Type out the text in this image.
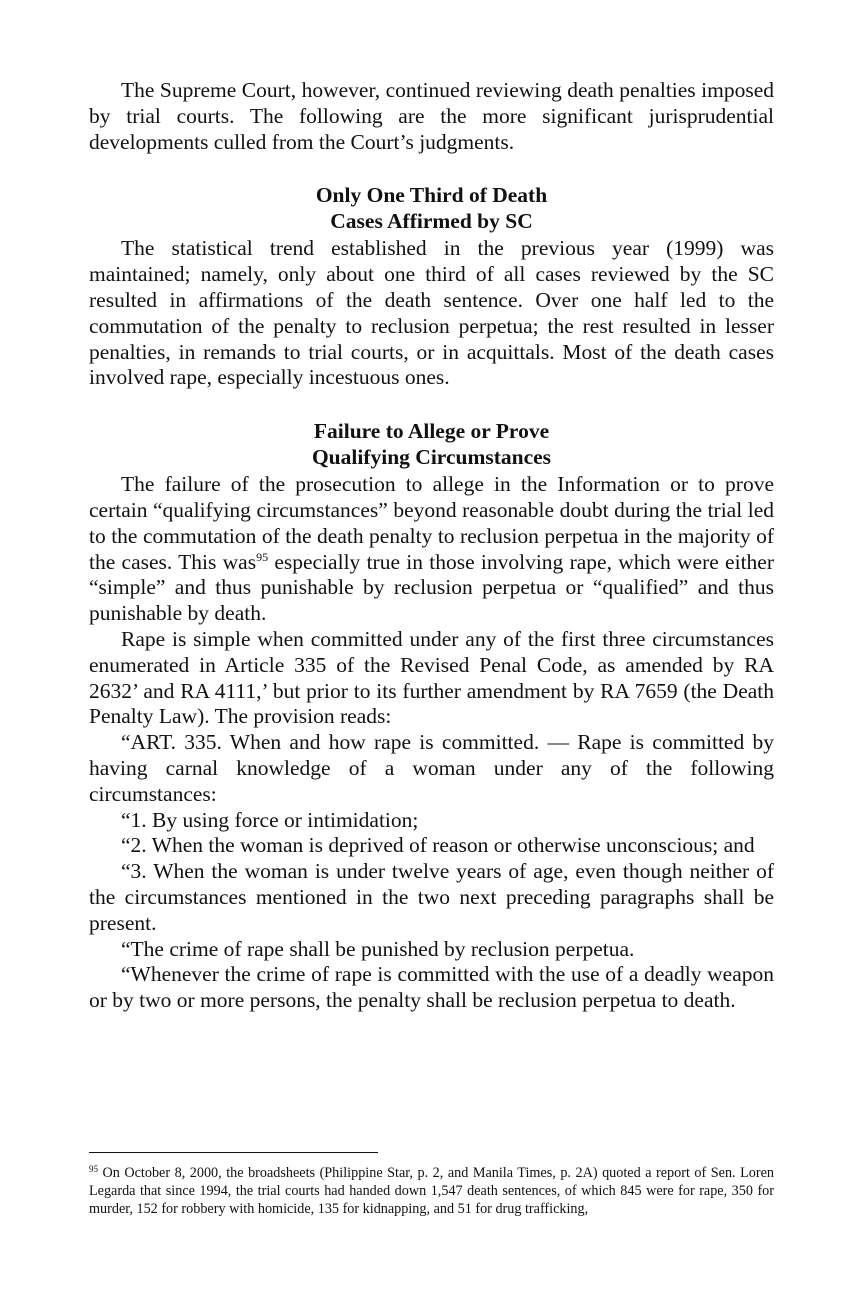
The Supreme Court, however, continued reviewing death penalties imposed by trial courts. The following are the more significant jurisprudential developments culled from the Court’s judgments.

Only One Third of Death

Cases Affirmed by SC

The statistical trend established in the previous year (1999) was maintained; namely, only about one third of all cases reviewed by the SC resulted in affirmations of the death sentence. Over one half led to the commutation of the penalty to reclusion perpetua; the rest resulted in lesser penalties, in remands to trial courts, or in acquittals. Most of the death cases involved rape, especially incestuous ones.

Failure to Allege or Prove

Qualifying Circumstances

The failure of the prosecution to allege in the Information or to prove certain “qualifying circumstances” beyond reasonable doubt during the trial led to the commutation of the death penalty to reclusion perpetua in the majority of the cases. This was$^{95}$ especially true in those involving rape, which were either “simple” and thus punishable by reclusion perpetua or “qualified” and thus punishable by death.

Rape is simple when committed under any of the first three circumstances enumerated in Article 335 of the Revised Penal Code, as amended by RA 2632’ and RA 4111,’ but prior to its further amendment by RA 7659 (the Death Penalty Law). The provision reads:

“ART. 335. When and how rape is committed. — Rape is committed by having carnal knowledge of a woman under any of the following circumstances:

“1. By using force or intimidation;

“2. When the woman is deprived of reason or otherwise unconscious; and

“3. When the woman is under twelve years of age, even though neither of the circumstances mentioned in the two next preceding paragraphs shall be present.

“The crime of rape shall be punished by reclusion perpetua.

“Whenever the crime of rape is committed with the use of a deadly weapon or by two or more persons, the penalty shall be reclusion perpetua to death.

$^{95}$ On October 8, 2000, the broadsheets (Philippine Star, p. 2, and Manila Times, p. 2A) quoted a report of Sen. Loren Legarda that since 1994, the trial courts had handed down 1,547 death sentences, of which 845 were for rape, 350 for murder, 152 for robbery with homicide, 135 for kidnapping, and 51 for drug trafficking,
